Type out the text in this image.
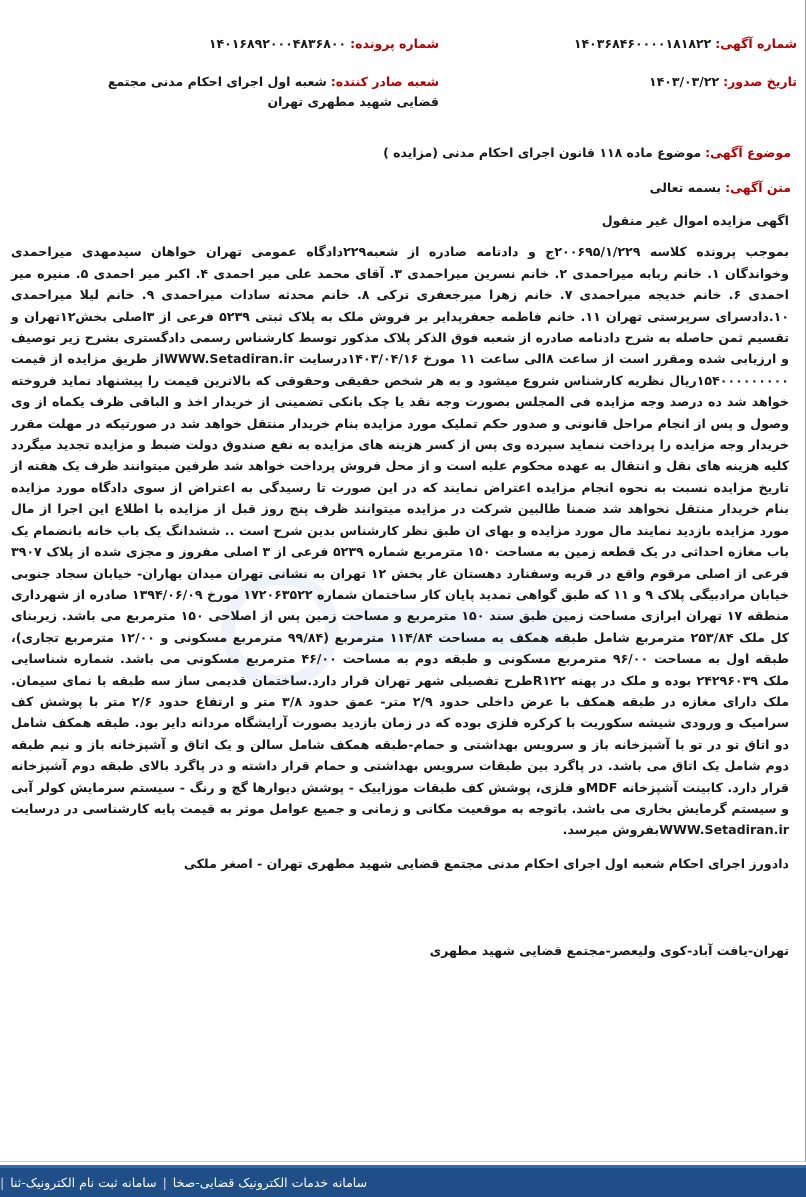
شماره آگهی: ۱۴۰۳۶۸۴۶۰۰۰۰۱۸۱۸۲۲
شماره پرونده: ۱۴۰۱۶۸۹۲۰۰۰۴۸۳۶۸۰۰
تاریخ صدور: ۱۴۰۳/۰۳/۲۲
شعبه صادر کننده: شعبه اول اجرای احکام مدنی مجتمع قضایی شهید مطهری تهران
موضوع آگهی: موضوع ماده ۱۱۸ قانون اجرای احکام مدنی (مزایده )
متن آگهی: بسمه تعالی

اگهی مزایده اموال غیر منقول

بموجب پرونده کلاسه ۲۰۰۶۹۵/۱/۲۲۹ج و دادنامه صادره از شعبه۲۲۹دادگاه عمومی تهران خواهان سیدمهدی میراحمدی وخواندگان ۱. خانم ربابه میراحمدی ۲. خانم نسرین میراحمدی ۳. آقای محمد علی میر احمدی ۴. اکبر میر احمدی ۵. منیره میر احمدی ۶. خانم خدیجه میراحمدی ۷. خانم زهرا میرجعفری ترکی ۸. خانم محدثه سادات میراحمدی ۹. خانم لیلا میراحمدی ۱۰.دادسرای سرپرستی تهران ۱۱. خانم فاطمه جعفرپدایر بر فروش ملک به پلاک ثبتی ۵۲۳۹ فرعی از ۳اصلی بخش۱۲تهران و تقسیم ثمن حاصله به شرح دادنامه صادره از شعبه فوق الذکر پلاک مذکور توسط کارشناس رسمی دادگستری بشرح زیر توصیف و ارزیابی شده ومقرر است از ساعت ۸الی ساعت ۱۱ مورخ ۱۴۰۳/۰۴/۱۶درسایت WWW.Setadiran.irاز طریق مزایده از قیمت ۱۵۴۰۰۰۰۰۰۰۰۰ریال نظریه کارشناس شروع میشود و به هر شخص حقیقی وحقوقی که بالاترین قیمت را پیشنهاد نماید فروخته خواهد شد ده درصد وجه مزایده فی المجلس بصورت وجه نقد یا چک بانکی تضمینی از خریدار اخذ و الباقی ظرف یکماه از وی وصول و پس از انجام مراحل قانونی و صدور حکم تملیک مورد مزایده بنام خریدار منتقل خواهد شد در صورتیکه در مهلت مقرر خریدار وجه مزایده را پرداخت ننماید سپرده وی پس از کسر هزینه های مزایده به نفع صندوق دولت ضبط و مزایده تجدید میگردد کلیه هزینه های نقل و انتقال به عهده محکوم علیه است و از محل فروش پرداخت خواهد شد طرفین میتوانند ظرف یک هفته از تاریخ مزایده نسبت به نحوه انجام مزایده اعتراض نمایند که در این صورت تا رسیدگی به اعتراض از سوی دادگاه مورد مزایده بنام خریدار منتقل نخواهد شد ضمنا طالبین شرکت در مزایده میتوانند ظرف پنج روز قبل از مزایده با اطلاع این اجرا از مال مورد مزایده بازدید نمایند مال مورد مزایده و بهای ان طبق نظر کارشناس بدین شرح است .. ششدانگ یک باب خانه بانضمام یک باب مغازه احداثی در یک قطعه زمین به مساحت ۱۵۰ مترمربع شماره ۵۲۳۹ فرعی از ۳ اصلی مفروز و مجزی شده از پلاک ۳۹۰۷ فرعی از اصلی مرقوم واقع در قریه وسفنارد دهستان غار بخش ۱۲ تهران به نشانی تهران میدان بهاران- خیابان سجاد جنوبی خیابان مرادبیگی پلاک ۹ و ۱۱ که طبق گواهی تمدید پایان کار ساختمان شماره ۱۷۲۰۶۳۵۲۲ مورخ ۱۳۹۴/۰۶/۰۹ صادره از شهرداری منطقه ۱۷ تهران ابرازی مساحت زمین طبق سند ۱۵۰ مترمربع و مساحت زمین پس از اصلاحی ۱۵۰ مترمربع می باشد. زیربنای کل ملک ۲۵۳/۸۴ مترمربع شامل طبقه همکف به مساحت ۱۱۴/۸۴ مترمربع (۹۹/۸۴ مترمربع مسکونی و ۱۲/۰۰ مترمربع تجاری)، طبقه اول به مساحت ۹۶/۰۰ مترمربع مسکونی و طبقه دوم به مساحت ۴۶/۰۰ مترمربع مسکونی می باشد. شماره شناسایی ملک ۲۴۲۹۶۰۳۹ بوده و ملک در پهنه R۱۲۲طرح تفصیلی شهر تهران قرار دارد.ساختمان قدیمی ساز سه طبقه با نمای سیمان. ملک دارای مغازه در طبقه همکف با عرض داخلی حدود ۲/۹ متر- عمق حدود ۳/۸ متر و ارتفاع حدود ۲/۶ متر با پوشش کف سرامیک و ورودی شیشه سکوریت با کرکره فلزی بوده که در زمان بازدید بصورت آرایشگاه مردانه دایر بود. طبقه همکف شامل دو اتاق تو در تو با آشپزخانه باز و سرویس بهداشتی و حمام-طبقه همکف شامل سالن و یک اتاق و آشپزخانه باز و نیم طبقه دوم شامل یک اتاق می باشد. در پاگرد بین طبقات سرویس بهداشتی و حمام قرار داشته و در پاگرد بالای طبقه دوم آشپزخانه قرار دارد. کابینت آشپزخانه MDFو فلزی، پوشش کف طبقات موزاییک - پوشش دیوارها گچ و رنگ - سیستم سرمایش کولر آبی و سیستم گرمایش بخاری می باشد. باتوجه به موقعیت مکانی و زمانی و جمیع عوامل موثر به قیمت پایه کارشناسی در درسایت WWW.Setadiran.irبفروش میرسد.

دادورز اجرای احکام شعبه اول اجرای احکام مدنی مجتمع قضایی شهید مطهری تهران - اصغر ملکی

تهران-یافت آباد-کوی ولیعصر-مجتمع قضایی شهید مطهری

سامانه خدمات الکترونیک قضایی-صخا
|
سامانه ثبت نام الکترونیک-ثنا
|
